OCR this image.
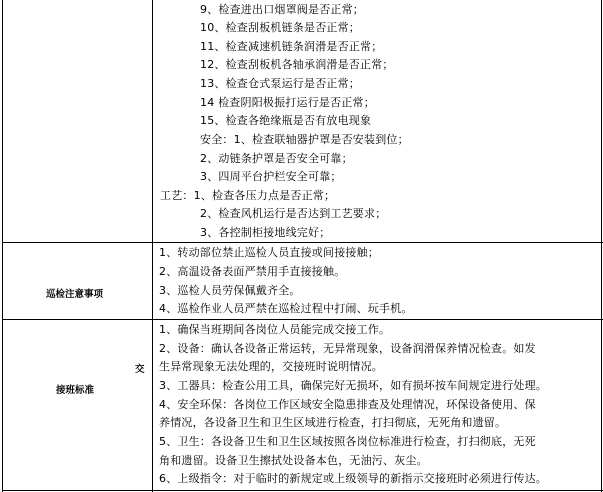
9、检查进出口烟罩阀是否正常；
10、检查刮板机链条是否正常；
11、检查减速机链条润滑是否正常；
12、检查刮板机各轴承润滑是否正常；
13、检查仓式泵运行是否正常；
14 检查阴阳极振打运行是否正常；
15、检查各绝缘瓶是否有放电现象
安全：1、检查联轴器护罩是否安装到位；
2、动链条护罩是否安全可靠；
3、四周平台护栏安全可靠；
工艺：1、检查各压力点是否正常；
2、检查风机运行是否达到工艺要求；
3、各控制柜接地线完好；
巡检注意事项
1、转动部位禁止巡检人员直接或间接接触；
2、高温设备表面严禁用手直接接触。
3、巡检人员劳保佩戴齐全。
4、巡检作业人员严禁在巡检过程中打闹、玩手机。
交
接班标准
1、确保当班期间各岗位人员能完成交接工作。
2、设备：确认各设备正常运转，无异常现象，设备润滑保养情况检查。如发
生异常现象无法处理的，交接班时说明情况。
3、工器具：检查公用工具，确保完好无损坏，如有损坏按车间规定进行处理。
4、安全环保：各岗位工作区域安全隐患排查及处理情况，环保设备使用、保
养情况，各设备卫生和卫生区域进行检查，打扫彻底，无死角和遗留。
5、卫生：各设备卫生和卫生区域按照各岗位标准进行检查，打扫彻底，无死
角和遗留。设备卫生擦拭处设备本色，无油污、灰尘。
6、上级指令：对于临时的新规定或上级领导的新指示交接班时必须进行传达。
